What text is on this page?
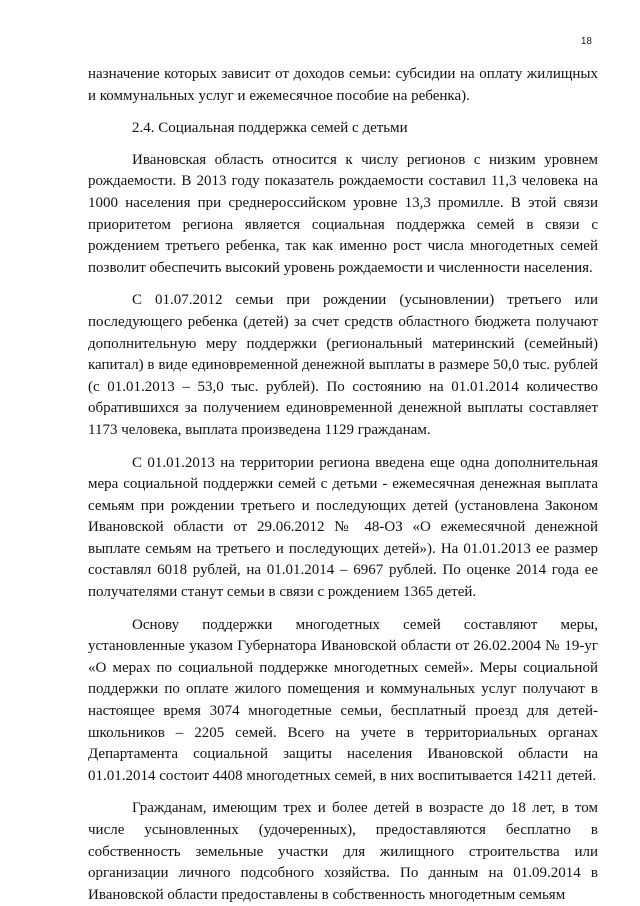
18

назначение которых зависит от доходов семьи: субсидии на оплату жилищных и коммунальных услуг и ежемесячное пособие на ребенка).

2.4. Социальная поддержка семей с детьми

Ивановская область относится к числу регионов с низким уровнем рождаемости. В 2013 году показатель рождаемости составил 11,3 человека на 1000 населения при среднероссийском уровне 13,3 промилле. В этой связи приоритетом региона является социальная поддержка семей в связи с рождением третьего ребенка, так как именно рост числа многодетных семей позволит обеспечить высокий уровень рождаемости и численности населения.

С 01.07.2012 семьи при рождении (усыновлении) третьего или последующего ребенка (детей) за счет средств областного бюджета получают дополнительную меру поддержки (региональный материнский (семейный) капитал) в виде единовременной денежной выплаты в размере 50,0 тыс. рублей (с 01.01.2013 – 53,0 тыс. рублей). По состоянию на 01.01.2014 количество обратившихся за получением единовременной денежной выплаты составляет 1173 человека, выплата произведена 1129 гражданам.

С 01.01.2013 на территории региона введена еще одна дополнительная мера социальной поддержки семей с детьми - ежемесячная денежная выплата семьям при рождении третьего и последующих детей (установлена Законом Ивановской области от 29.06.2012 № 48-ОЗ «О ежемесячной денежной выплате семьям на третьего и последующих детей»). На 01.01.2013 ее размер составлял 6018 рублей, на 01.01.2014 – 6967 рублей. По оценке 2014 года ее получателями станут семьи в связи с рождением 1365 детей.

Основу поддержки многодетных семей составляют меры, установленные указом Губернатора Ивановской области от 26.02.2004 № 19-уг «О мерах по социальной поддержке многодетных семей». Меры социальной поддержки по оплате жилого помещения и коммунальных услуг получают в настоящее время 3074 многодетные семьи, бесплатный проезд для детей-школьников – 2205 семей. Всего на учете в территориальных органах Департамента социальной защиты населения Ивановской области на 01.01.2014 состоит 4408 многодетных семей, в них воспитывается 14211 детей.

Гражданам, имеющим трех и более детей в возрасте до 18 лет, в том числе усыновленных (удочеренных), предоставляются бесплатно в собственность земельные участки для жилищного строительства или организации личного подсобного хозяйства. По данным на 01.09.2014 в Ивановской области предоставлены в собственность многодетным семьям
